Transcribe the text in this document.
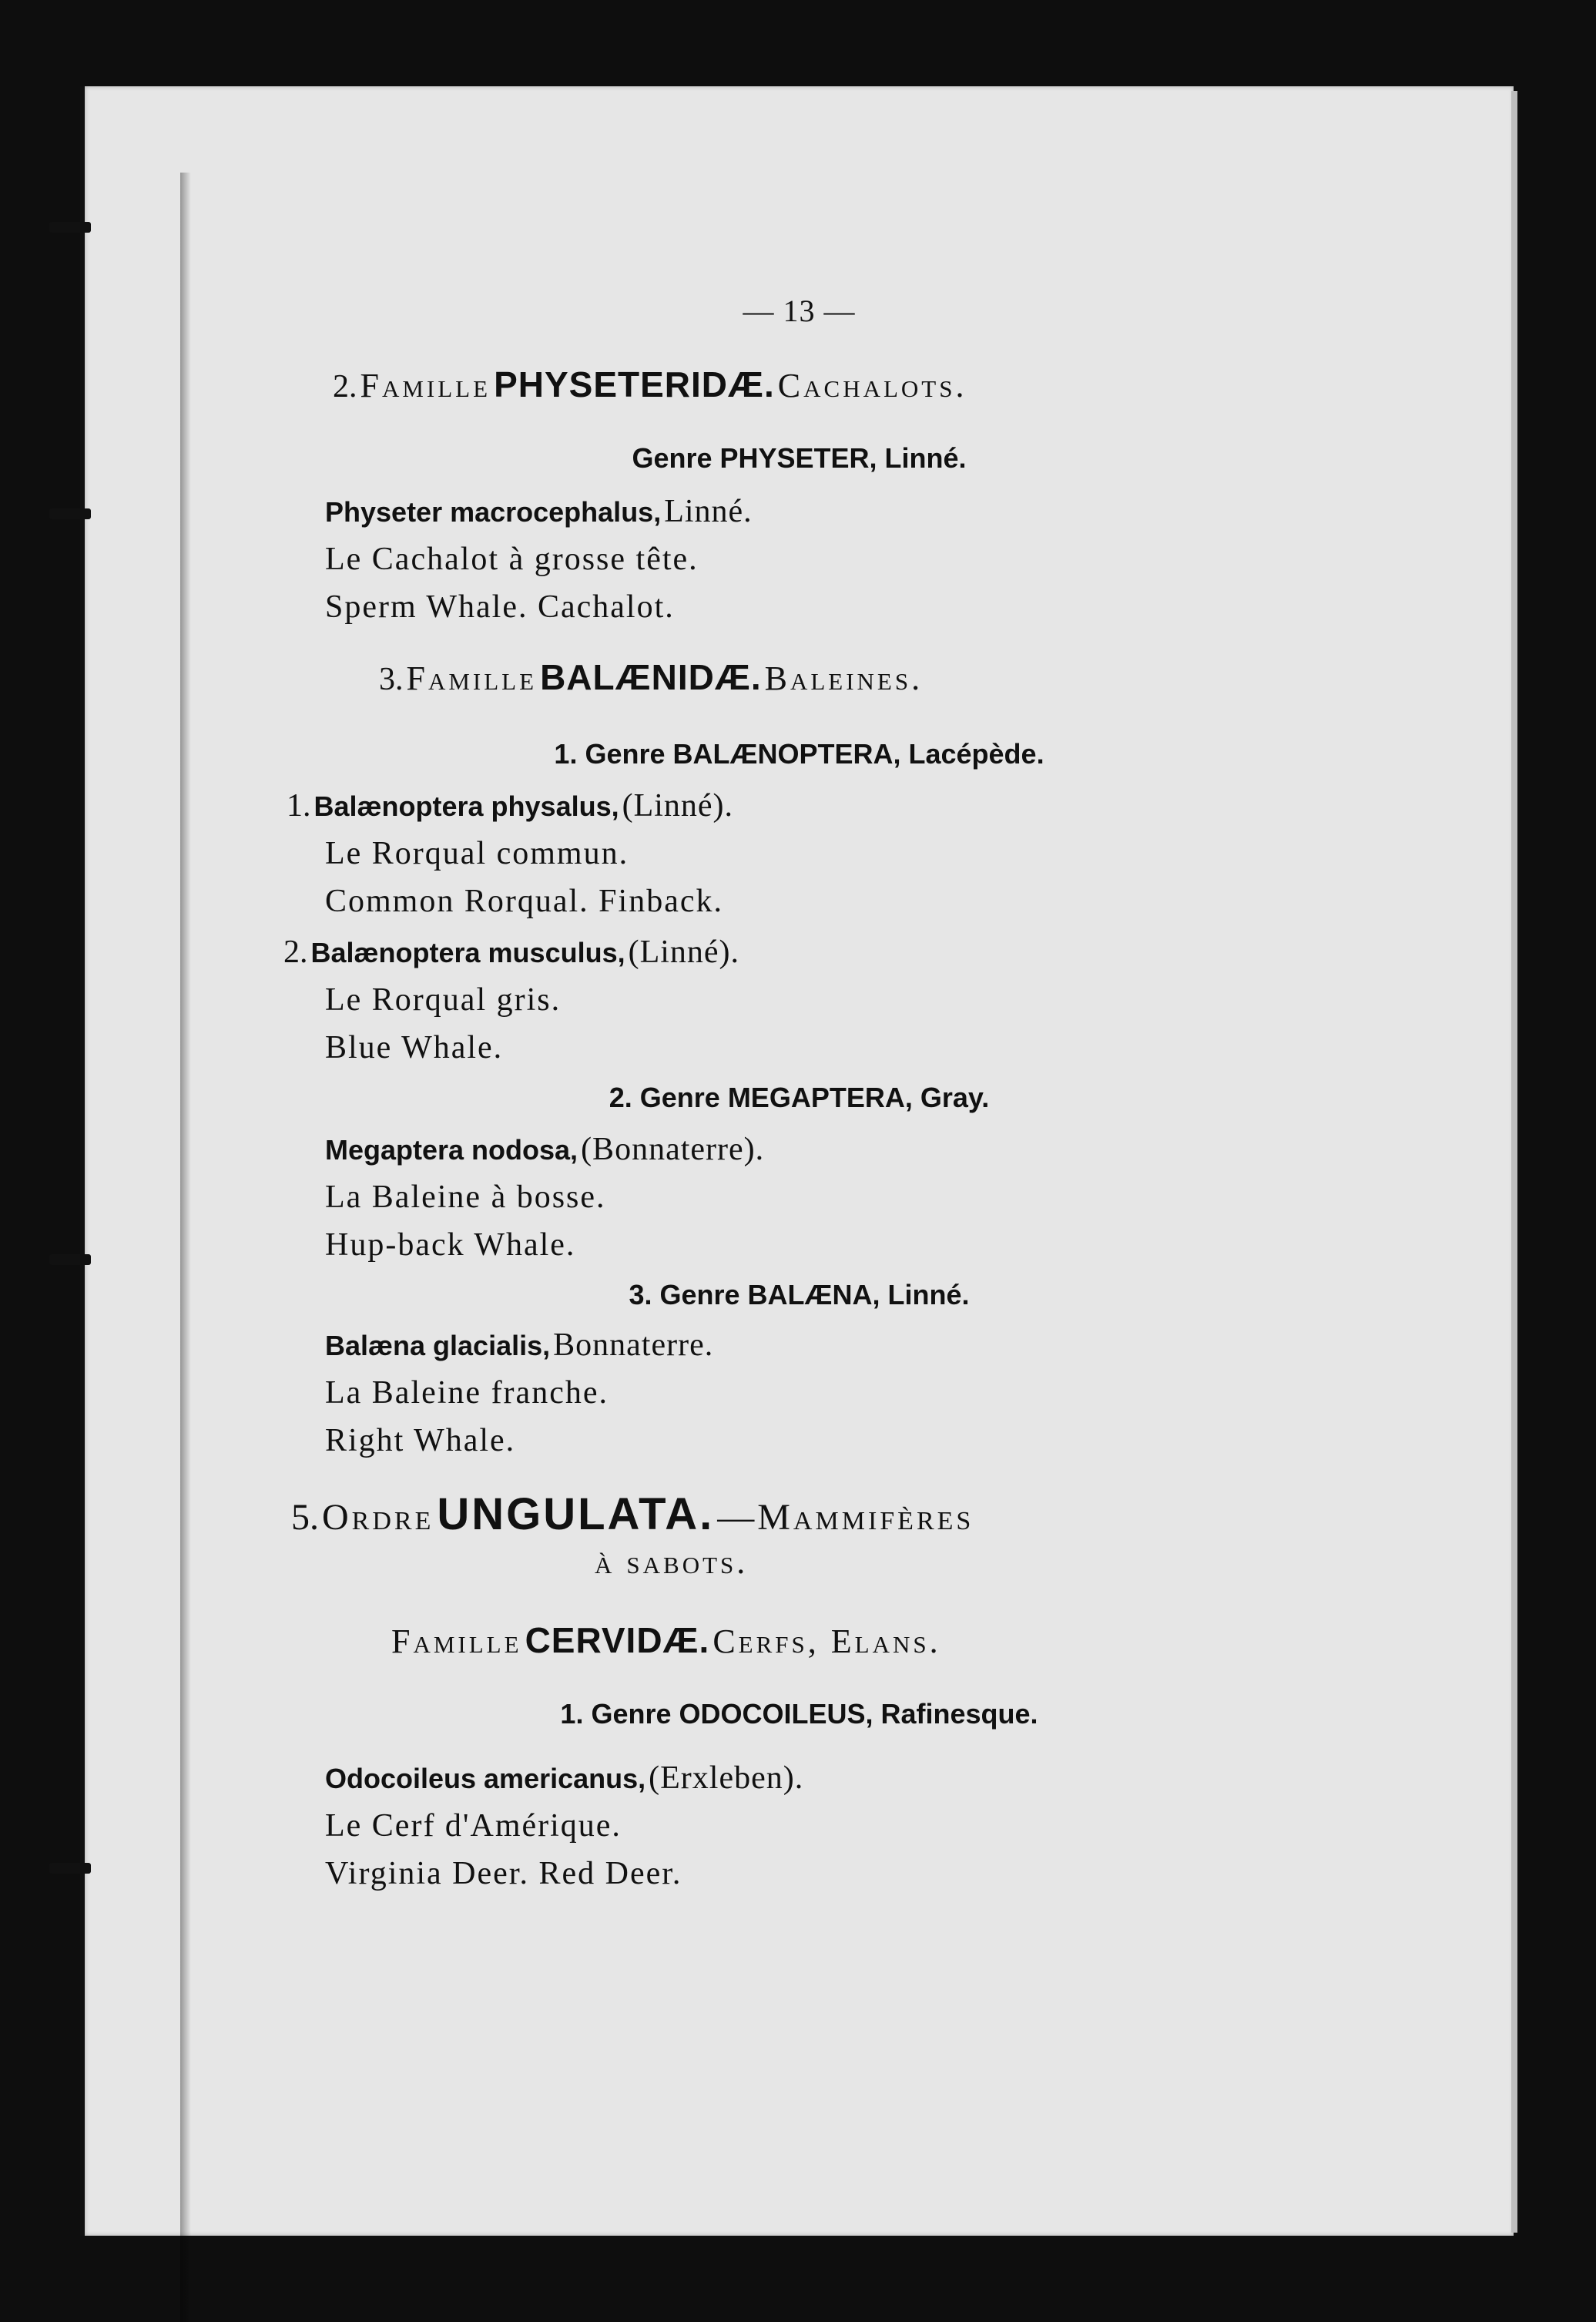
— 13 —
2. Famille PHYSETERIDÆ. Cachalots.
Genre PHYSETER, Linné.
Physeter macrocephalus, Linné.
Le Cachalot à grosse tête.
Sperm Whale. Cachalot.
3. Famille BALÆNIDÆ. Baleines.
1. Genre BALÆNOPTERA, Lacépède.
1. Balænoptera physalus, (Linné).
Le Rorqual commun.
Common Rorqual. Finback.
2. Balænoptera musculus, (Linné).
Le Rorqual gris.
Blue Whale.
2. Genre MEGAPTERA, Gray.
Megaptera nodosa, (Bonnaterre).
La Baleine à bosse.
Hup-back Whale.
3. Genre BALÆNA, Linné.
Balæna glacialis, Bonnaterre.
La Baleine franche.
Right Whale.
5. Ordre UNGULATA. —Mammifères
à sabots.
Famille CERVIDÆ. Cerfs, Elans.
1. Genre ODOCOILEUS, Rafinesque.
Odocoileus americanus, (Erxleben).
Le Cerf d'Amérique.
Virginia Deer. Red Deer.
